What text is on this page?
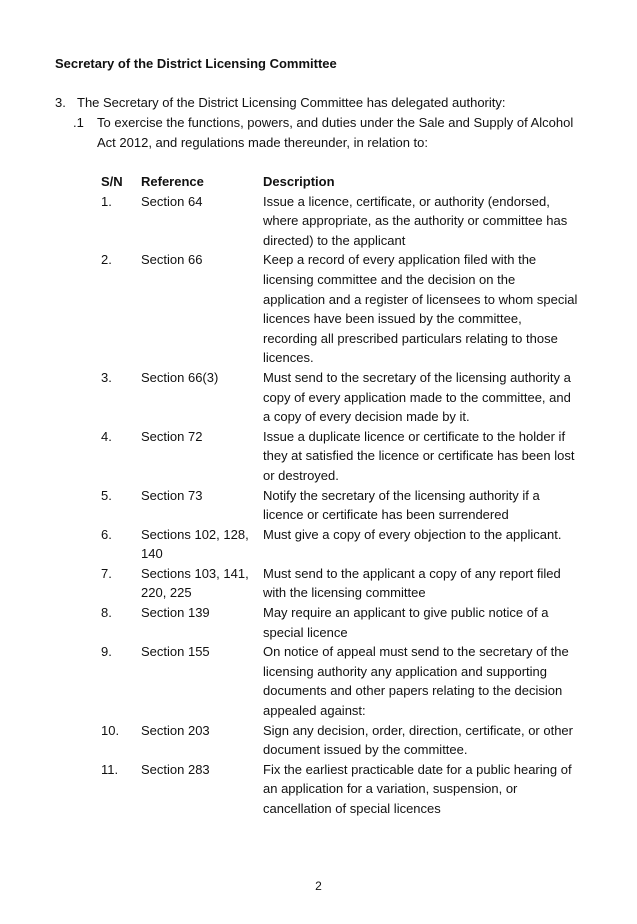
Secretary of the District Licensing Committee
3. The Secretary of the District Licensing Committee has delegated authority:
.1	To exercise the functions, powers, and duties under the Sale and Supply of Alcohol Act 2012, and regulations made thereunder, in relation to:
S/N	Reference	Description
1.	Section 64	Issue a licence, certificate, or authority (endorsed, where appropriate, as the authority or committee has directed) to the applicant
2.	Section 66	Keep a record of every application filed with the licensing committee and the decision on the application and a register of licensees to whom special licences have been issued by the committee, recording all prescribed particulars relating to those licences.
3.	Section 66(3)	Must send to the secretary of the licensing authority a copy of every application made to the committee, and a copy of every decision made by it.
4.	Section 72	Issue a duplicate licence or certificate to the holder if they at satisfied the licence or certificate has been lost or destroyed.
5.	Section 73	Notify the secretary of the licensing authority if a licence or certificate has been surrendered
6.	Sections 102, 128, 140	Must give a copy of every objection to the applicant.
7.	Sections 103, 141, 220, 225	Must send to the applicant a copy of any report filed with the licensing committee
8.	Section 139	May require an applicant to give public notice of a special licence
9.	Section 155	On notice of appeal must send to the secretary of the licensing authority any application and supporting documents and other papers relating to the decision appealed against:
10.	Section 203	Sign any decision, order, direction, certificate, or other document issued by the committee.
11.	Section 283	Fix the earliest practicable date for a public hearing of an application for a variation, suspension, or cancellation of special licences
2
